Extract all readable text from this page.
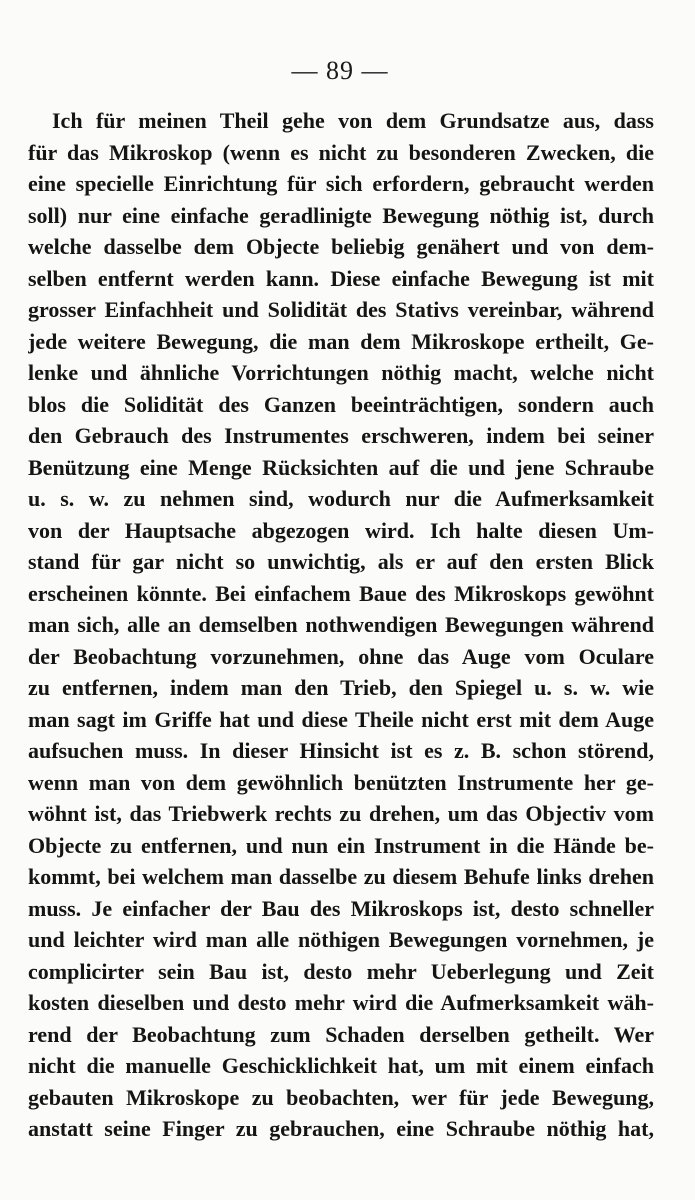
— 89 —
Ich für meinen Theil gehe von dem Grundsatze aus, dass
für das Mikroskop (wenn es nicht zu besonderen Zwecken, die
eine specielle Einrichtung für sich erfordern, gebraucht werden
soll) nur eine einfache geradlinigte Bewegung nöthig ist, durch
welche dasselbe dem Objecte beliebig genähert und von dem-
selben entfernt werden kann. Diese einfache Bewegung ist mit
grosser Einfachheit und Solidität des Stativs vereinbar, während
jede weitere Bewegung, die man dem Mikroskope ertheilt, Ge-
lenke und ähnliche Vorrichtungen nöthig macht, welche nicht
blos die Solidität des Ganzen beeinträchtigen, sondern auch
den Gebrauch des Instrumentes erschweren, indem bei seiner
Benützung eine Menge Rücksichten auf die und jene Schraube
u. s. w. zu nehmen sind, wodurch nur die Aufmerksamkeit
von der Hauptsache abgezogen wird. Ich halte diesen Um-
stand für gar nicht so unwichtig, als er auf den ersten Blick
erscheinen könnte. Bei einfachem Baue des Mikroskops gewöhnt
man sich, alle an demselben nothwendigen Bewegungen während
der Beobachtung vorzunehmen, ohne das Auge vom Oculare
zu entfernen, indem man den Trieb, den Spiegel u. s. w. wie
man sagt im Griffe hat und diese Theile nicht erst mit dem Auge
aufsuchen muss. In dieser Hinsicht ist es z. B. schon störend,
wenn man von dem gewöhnlich benützten Instrumente her ge-
wöhnt ist, das Triebwerk rechts zu drehen, um das Objectiv vom
Objecte zu entfernen, und nun ein Instrument in die Hände be-
kommt, bei welchem man dasselbe zu diesem Behufe links drehen
muss. Je einfacher der Bau des Mikroskops ist, desto schneller
und leichter wird man alle nöthigen Bewegungen vornehmen, je
complicirter sein Bau ist, desto mehr Ueberlegung und Zeit
kosten dieselben und desto mehr wird die Aufmerksamkeit wäh-
rend der Beobachtung zum Schaden derselben getheilt. Wer
nicht die manuelle Geschicklichkeit hat, um mit einem einfach
gebauten Mikroskope zu beobachten, wer für jede Bewegung,
anstatt seine Finger zu gebrauchen, eine Schraube nöthig hat,
